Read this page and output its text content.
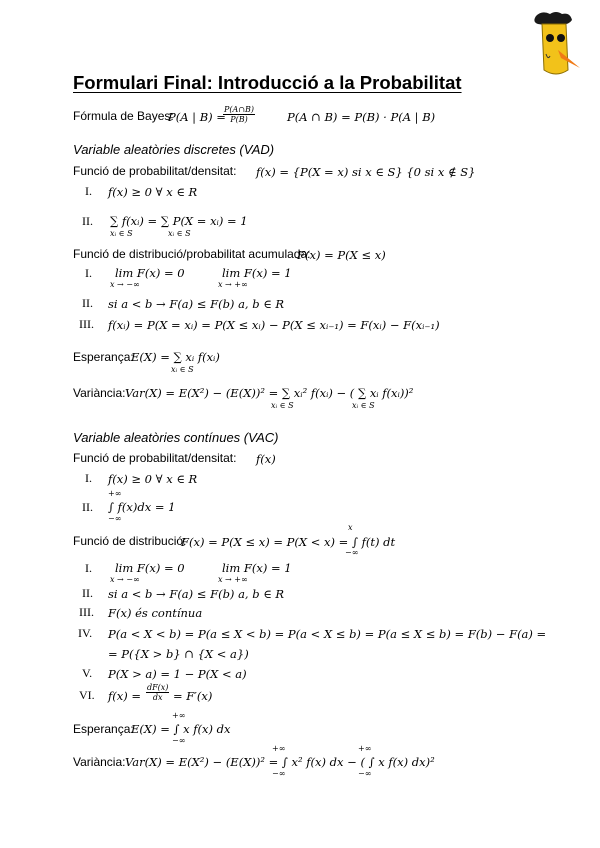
Formulari Final: Introducció a la Probabilitat
Fórmula de Bayes:
P(A | B) =
$\frac{P(A\cap B)}{P(B)}$	P(A ∩ B) = P(B) · P(A | B)
Variable aleatòries discretes (VAD)
Funció de probabilitat/densitat: f(x) = {P(X = x) si x ∈ S} {0 si x ∉ S}
I. f(x) ≥ 0 ∀ x ∈ R
II. ∑ f(xᵢ) = ∑ P(X = xᵢ) = 1
xᵢ ∈ S	xᵢ ∈ S
Funció de distribució/probabilitat acumulada:
F(x) = P(X ≤ x)
I. lim F(x) = 0
x → −∞
lim F(x) = 1
x → +∞
II. si a < b → F(a) ≤ F(b) a, b ∈ R
III. f(xᵢ) = P(X = xᵢ) = P(X ≤ xᵢ) − P(X ≤ xᵢ₋₁) = F(xᵢ) − F(xᵢ₋₁)
Esperança:
E(X) = ∑ xᵢ f(xᵢ)
xᵢ ∈ S
Variància: Var(X) = E(X²) − (E(X))² = ∑ xᵢ² f(xᵢ) − ( ∑ xᵢ f(xᵢ))²
xᵢ ∈ S	xᵢ ∈ S
Variable aleatòries contínues (VAC)
Funció de probabilitat/densitat: f(x)
I. f(x) ≥ 0 ∀ x ∈ R
+∞
II. ∫ f(x)dx = 1
−∞
x
Funció de distribució:
F(x) = P(X ≤ x) = P(X < x) = ∫ f(t) dt
−∞
I. lim F(x) = 0
x → −∞
lim F(x) = 1
x → +∞
II. si a < b → F(a) ≤ F(b) a, b ∈ R
III. F(x) és contínua
IV. P(a < X < b) = P(a ≤ X < b) = P(a < X ≤ b) = P(a ≤ X ≤ b) = F(b) − F(a) =
= P({X > b} ∩ {X < a})
V. P(X > a) = 1 − P(X < a)
VI. $f(x) = \frac{dF(x)}{dx} = F'(x)$
+∞
Esperança:
E(X) = ∫ x f(x) dx
−∞
+∞	+∞
Variància: Var(X) = E(X²) − (E(X))² = ∫ x² f(x) dx − ( ∫ x f(x) dx)²
−∞	−∞
